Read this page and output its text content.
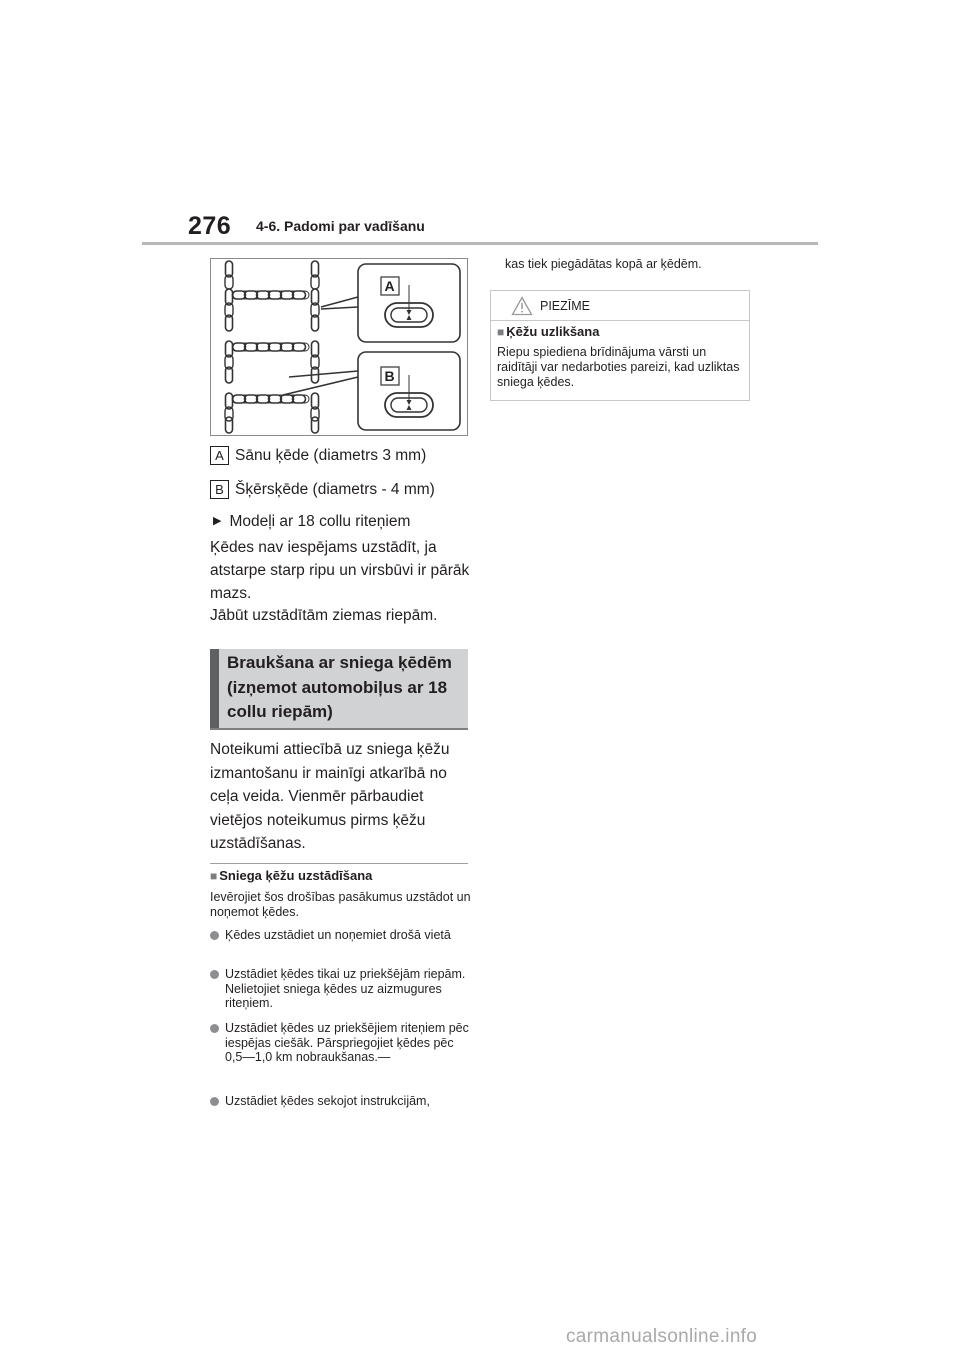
276 4-6. Padomi par vadīšanu
A
B
A Sānu ķēde (diametrs 3 mm)
B Šķērsķēde (diametrs - 4 mm)
▶ Modeļi ar 18 collu riteņiem
Ķēdes nav iespējams uzstādīt, ja atstarpe starp ripu un virsbūvi ir pārāk mazs.
Jābūt uzstādītām ziemas riepām.
Braukšana ar sniega ķēdēm (izņemot automobiļus ar 18 collu riepām)
Noteikumi attiecībā uz sniega ķēžu izmantošanu ir mainīgi atkarībā no ceļa veida. Vienmēr pārbaudiet vietējos noteikumus pirms ķēžu uzstādīšanas.
■ Sniega ķēžu uzstādīšana
Ievērojiet šos drošības pasākumus uzstādot un noņemot ķēdes.
Ķēdes uzstādiet un noņemiet drošā vietā
Uzstādiet ķēdes tikai uz priekšējām riepām. Nelietojiet sniega ķēdes uz aizmugures riteņiem.
Uzstādiet ķēdes uz priekšējiem riteņiem pēc iespējas ciešāk. Pārspriegojiet ķēdes pēc 0,5—1,0 km nobraukšanas.—
Uzstādiet ķēdes sekojot instrukcijām,
kas tiek piegādātas kopā ar ķēdēm.
PIEZĪME
■ Ķēžu uzlikšana
Riepu spiediena brīdinājuma vārsti un raidītāji var nedarboties pareizi, kad uzliktas sniega ķēdes.
carmanualsonline.info
